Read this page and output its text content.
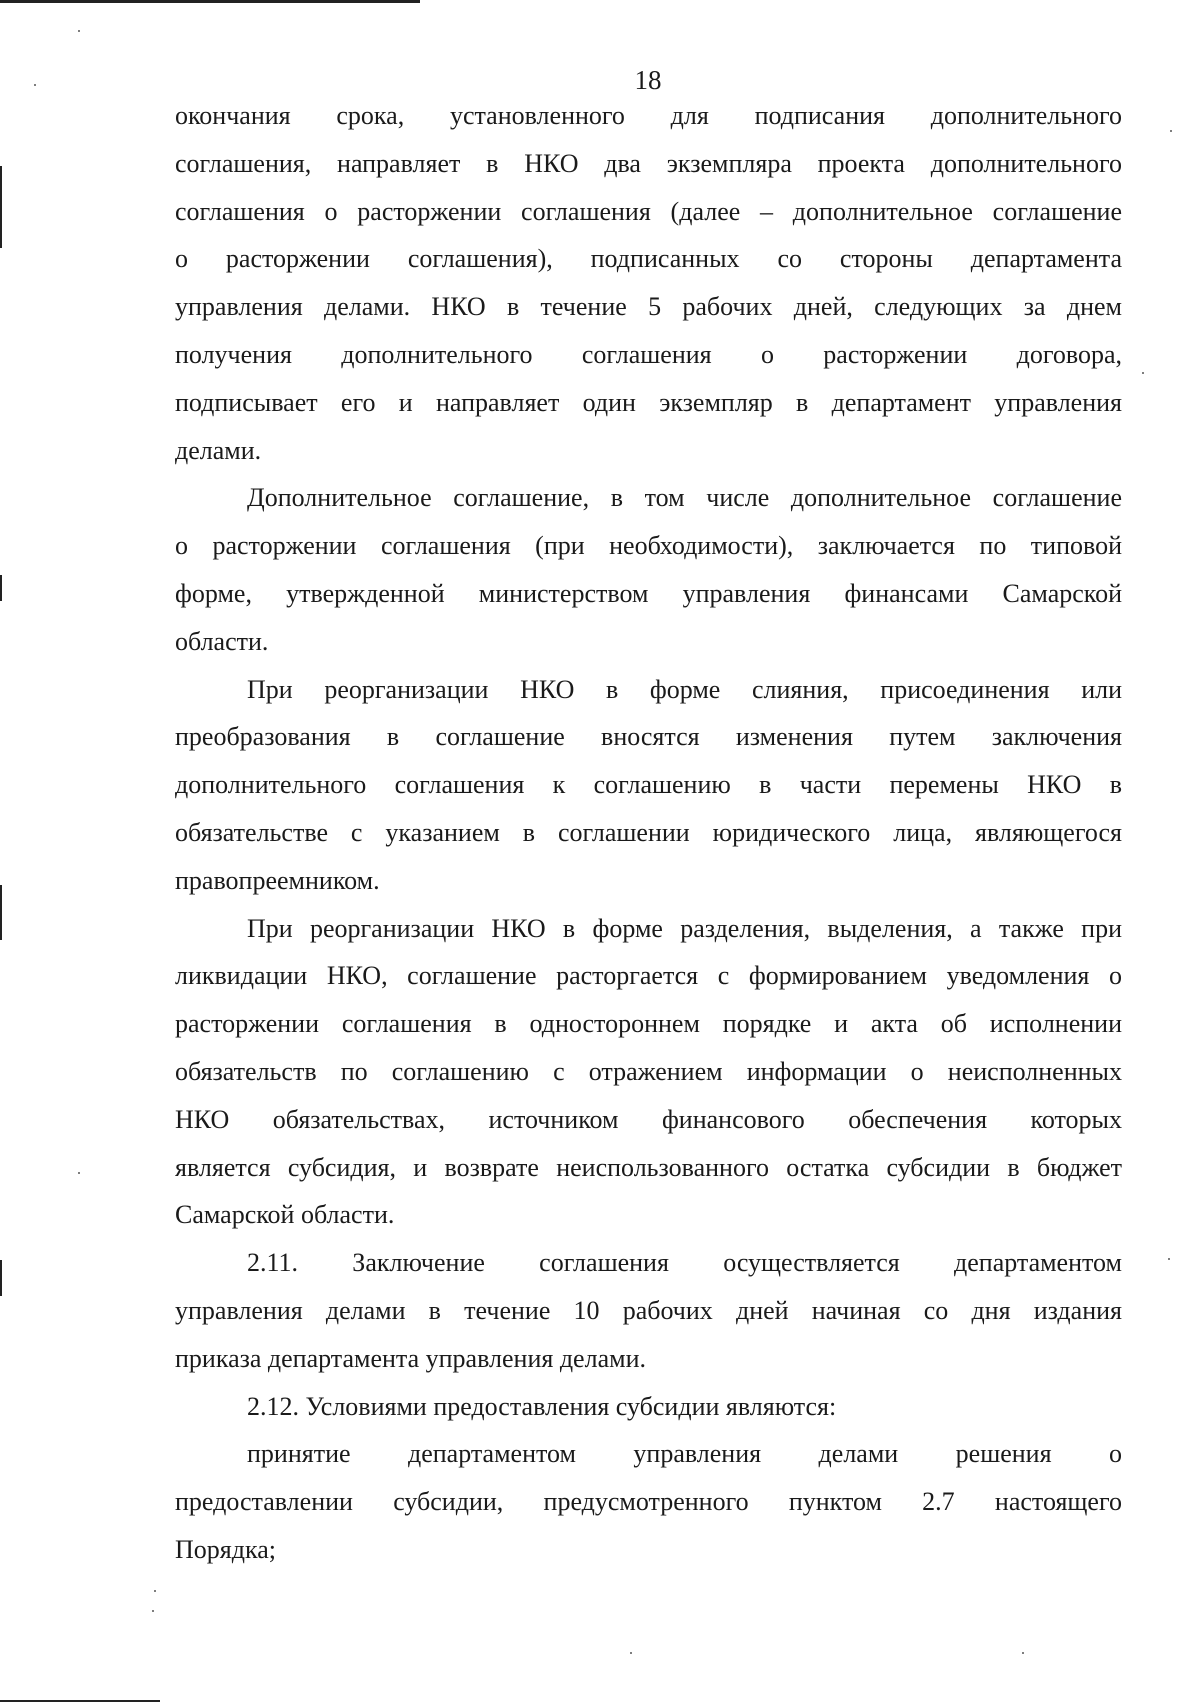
18
окончания срока, установленного для подписания дополнительного
соглашения, направляет в НКО два экземпляра проекта дополнительного
соглашения о расторжении соглашения (далее – дополнительное соглашение
о расторжении соглашения), подписанных со стороны департамента
управления делами. НКО в течение 5 рабочих дней, следующих за днем
получения дополнительного соглашения о расторжении договора,
подписывает его и направляет один экземпляр в департамент управления
делами.
Дополнительное соглашение, в том числе дополнительное соглашение
о расторжении соглашения (при необходимости), заключается по типовой
форме, утвержденной министерством управления финансами Самарской
области.
При реорганизации НКО в форме слияния, присоединения или
преобразования в соглашение вносятся изменения путем заключения
дополнительного соглашения к соглашению в части перемены НКО в
обязательстве с указанием в соглашении юридического лица, являющегося
правопреемником.
При реорганизации НКО в форме разделения, выделения, а также при
ликвидации НКО, соглашение расторгается с формированием уведомления о
расторжении соглашения в одностороннем порядке и акта об исполнении
обязательств по соглашению с отражением информации о неисполненных
НКО обязательствах, источником финансового обеспечения которых
является субсидия, и возврате неиспользованного остатка субсидии в бюджет
Самарской области.
2.11. Заключение соглашения осуществляется департаментом
управления делами в течение 10 рабочих дней начиная со дня издания
приказа департамента управления делами.
2.12. Условиями предоставления субсидии являются:
принятие департаментом управления делами решения о
предоставлении субсидии, предусмотренного пунктом 2.7 настоящего
Порядка;
